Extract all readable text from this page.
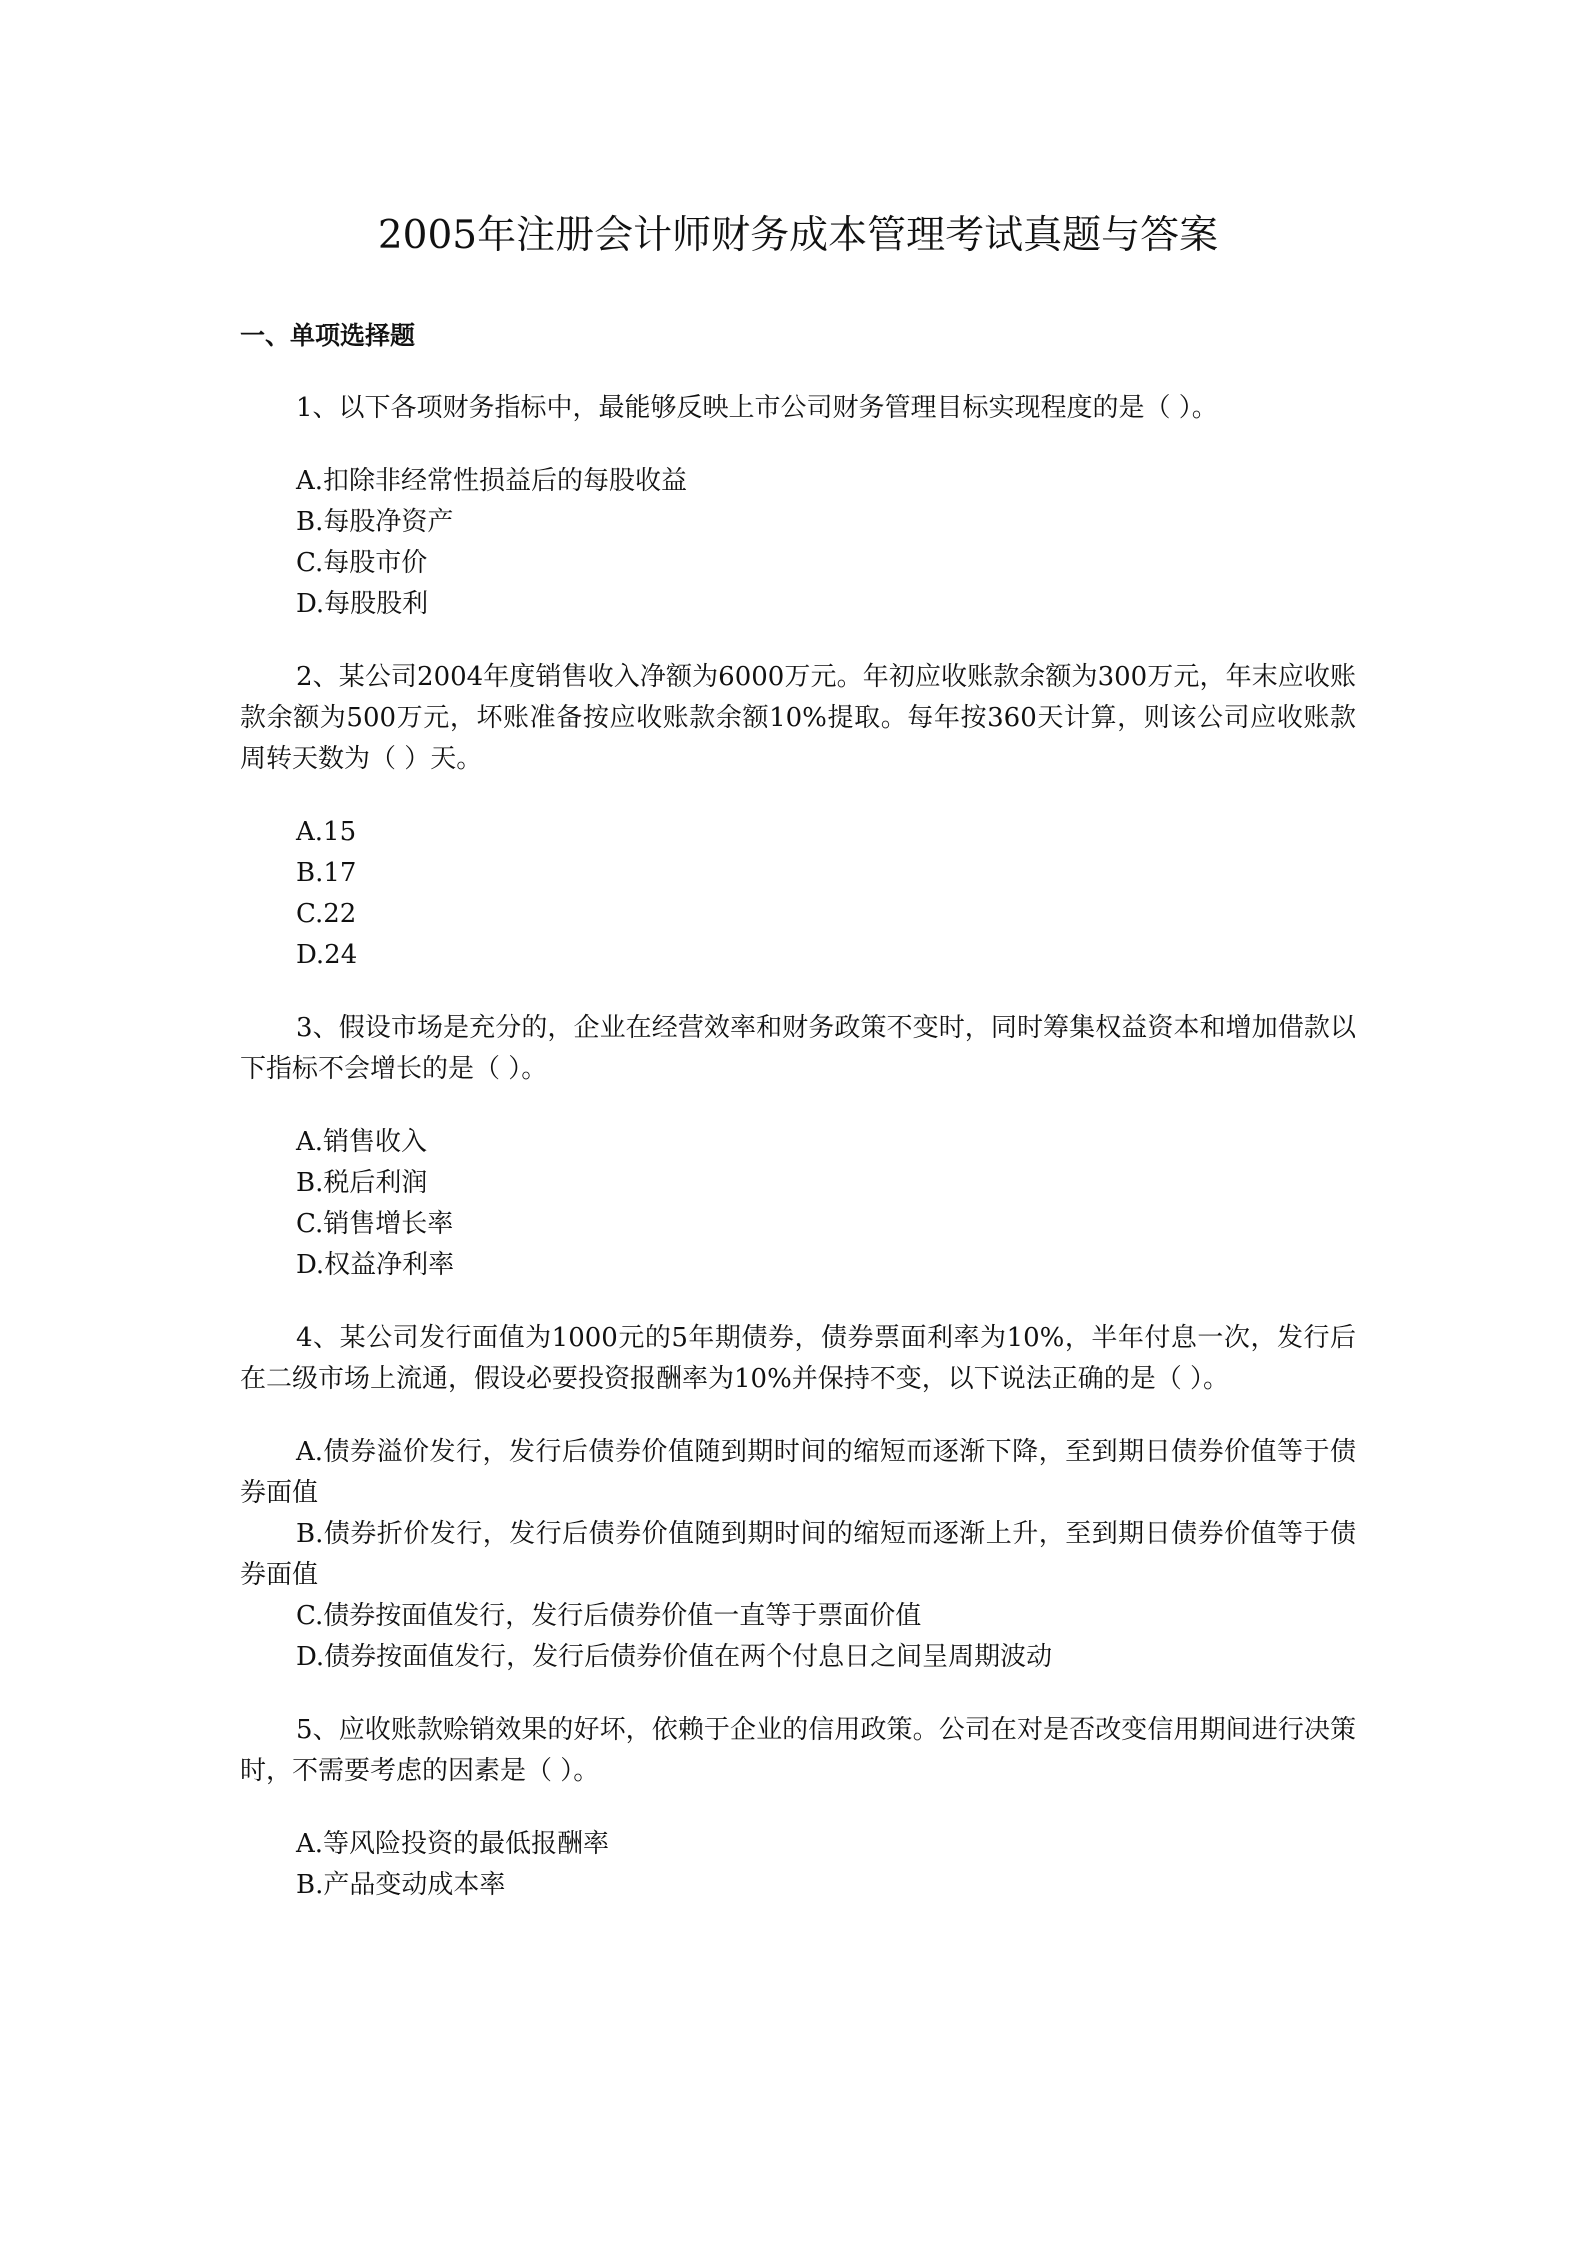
2005年注册会计师财务成本管理考试真题与答案
一、单项选择题

1、以下各项财务指标中，最能够反映上市公司财务管理目标实现程度的是（ ）。

A.扣除非经常性损益后的每股收益
B.每股净资产
C.每股市价
D.每股股利

2、某公司2004年度销售收入净额为6000万元。年初应收账款余额为300万元，年末应收账款余额为500万元，坏账准备按应收账款余额10%提取。每年按360天计算，则该公司应收账款周转天数为（ ）天。

A.15
B.17
C.22
D.24

3、假设市场是充分的，企业在经营效率和财务政策不变时，同时筹集权益资本和增加借款以下指标不会增长的是（ ）。

A.销售收入
B.税后利润
C.销售增长率
D.权益净利率

4、某公司发行面值为1000元的5年期债券，债券票面利率为10%，半年付息一次，发行后在二级市场上流通，假设必要投资报酬率为10%并保持不变，以下说法正确的是（ ）。

A.债券溢价发行，发行后债券价值随到期时间的缩短而逐渐下降，至到期日债券价值等于债券面值
B.债券折价发行，发行后债券价值随到期时间的缩短而逐渐上升，至到期日债券价值等于债券面值
C.债券按面值发行，发行后债券价值一直等于票面价值
D.债券按面值发行，发行后债券价值在两个付息日之间呈周期波动

5、应收账款赊销效果的好坏，依赖于企业的信用政策。公司在对是否改变信用期间进行决策时，不需要考虑的因素是（ ）。

A.等风险投资的最低报酬率
B.产品变动成本率
